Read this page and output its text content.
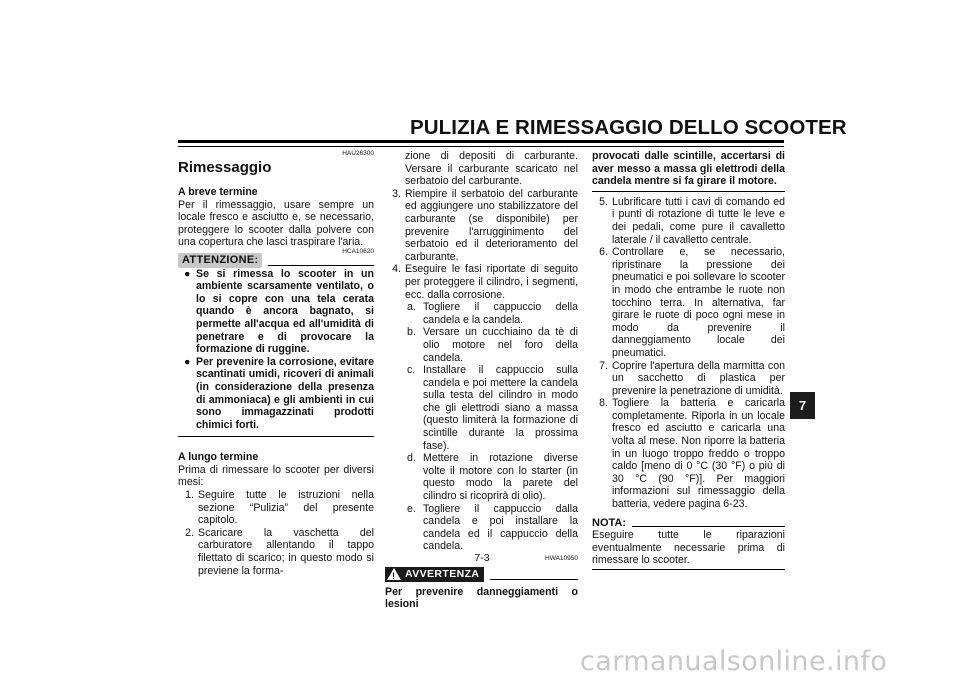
PULIZIA E RIMESSAGGIO DELLO SCOOTER
HAU26300
Rimessaggio
A breve termine

Per il rimessaggio, usare sempre un locale fresco e asciutto e, se necessario, proteggere lo scooter dalla polvere con una copertura che lasci traspirare l'aria.

ATTENZIONE:
HCA10620
● Se si rimessa lo scooter in un ambiente scarsamente ventilato, o lo si copre con una tela cerata quando è ancora bagnato, si permette all'acqua ed all'umidità di penetrare e di provocare la formazione di ruggine.
● Per prevenire la corrosione, evitare scantinati umidi, ricoveri di animali (in considerazione della presenza di ammoniaca) e gli ambienti in cui sono immagazzinati prodotti chimici forti.
A lungo termine

Prima di rimessare lo scooter per diversi mesi:

1. Seguire tutte le istruzioni nella sezione “Pulizia” del presente capitolo.
2. Scaricare la vaschetta del carburatore allentando il tappo filettato di scarico; in questo modo si previene la forma-
zione di depositi di carburante. Versare il carburante scaricato nel serbatoio del carburante.
3. Riempire il serbatoio del carburante ed aggiungere uno stabilizzatore del carburante (se disponibile) per prevenire l'arrugginimento del serbatoio ed il deterioramento del carburante.
4. Eseguire le fasi riportate di seguito per proteggere il cilindro, i segmenti, ecc. dalla corrosione.
a. Togliere il cappuccio della candela e la candela.
b. Versare un cucchiaino da tè di olio motore nel foro della candela.
c. Installare il cappuccio sulla candela e poi mettere la candela sulla testa del cilindro in modo che gli elettrodi siano a massa (questo limiterà la formazione di scintille durante la prossima fase).
d. Mettere in rotazione diverse volte il motore con lo starter (in questo modo la parete del cilindro si ricoprirà di olio).
e. Togliere il cappuccio dalla candela e poi installare la candela ed il cappuccio della candela.
HWA10950
! AVVERTENZA
Per prevenire danneggiamenti o lesioni
provocati dalle scintille, accertarsi di aver messo a massa gli elettrodi della candela mentre si fa girare il motore.
5. Lubrificare tutti i cavi di comando ed i punti di rotazione di tutte le leve e dei pedali, come pure il cavalletto laterale / il cavalletto centrale.
6. Controllare e, se necessario, ripristinare la pressione dei pneumatici e poi sollevare lo scooter in modo che entrambe le ruote non tocchino terra. In alternativa, far girare le ruote di poco ogni mese in modo da prevenire il danneggiamento locale dei pneumatici.
7. Coprire l'apertura della marmitta con un sacchetto di plastica per prevenire la penetrazione di umidità.
8. Togliere la batteria e caricarla completamente. Riporla in un locale fresco ed asciutto e caricarla una volta al mese. Non riporre la batteria in un luogo troppo freddo o troppo caldo [meno di 0 °C (30 °F) o più di 30 °C (90 °F)]. Per maggiori informazioni sul rimessaggio della batteria, vedere pagina 6-23.
NOTA:

Eseguire tutte le riparazioni eventualmente necessarie prima di rimessare lo scooter.

7
7-3
carmanualsonline.info
